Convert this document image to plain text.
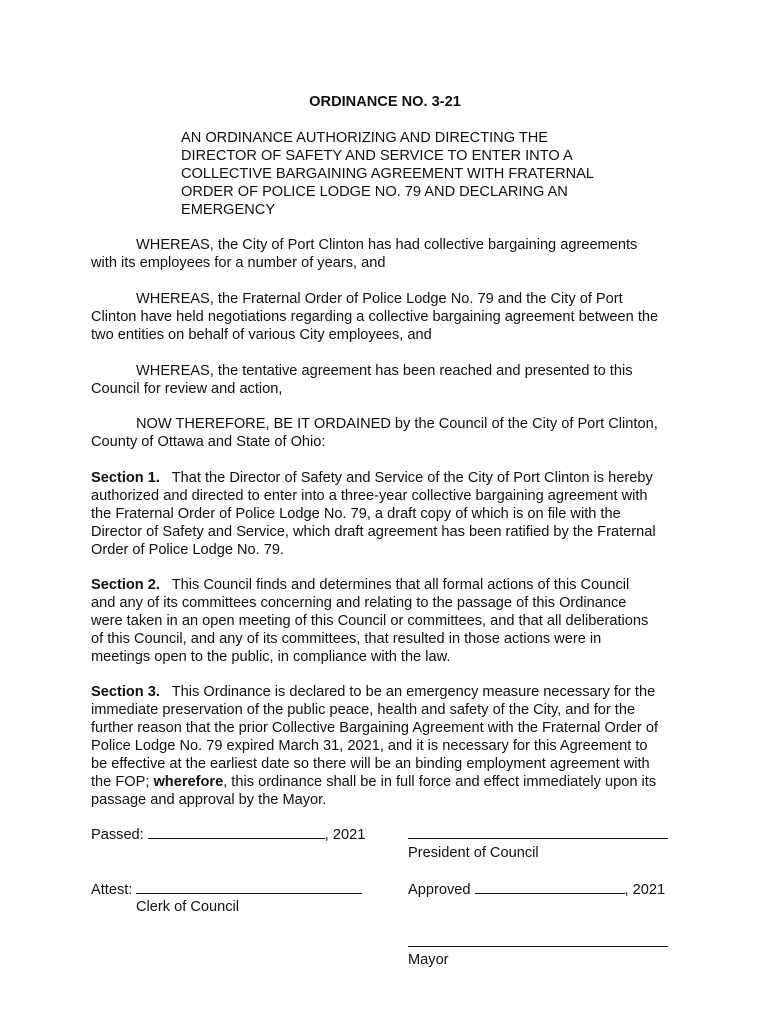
ORDINANCE NO. 3-21
AN ORDINANCE AUTHORIZING AND DIRECTING THE
DIRECTOR OF SAFETY AND SERVICE TO ENTER INTO A
COLLECTIVE BARGAINING AGREEMENT WITH FRATERNAL
ORDER OF POLICE LODGE NO. 79 AND DECLARING AN
EMERGENCY
WHEREAS, the City of Port Clinton has had collective bargaining agreements
with its employees for a number of years, and
WHEREAS, the Fraternal Order of Police Lodge No. 79 and the City of Port
Clinton have held negotiations regarding a collective bargaining agreement between the
two entities on behalf of various City employees, and
WHEREAS, the tentative agreement has been reached and presented to this
Council for review and action,
NOW THEREFORE, BE IT ORDAINED by the Council of the City of Port Clinton,
County of Ottawa and State of Ohio:
Section 1. That the Director of Safety and Service of the City of Port Clinton is hereby
authorized and directed to enter into a three-year collective bargaining agreement with
the Fraternal Order of Police Lodge No. 79, a draft copy of which is on file with the
Director of Safety and Service, which draft agreement has been ratified by the Fraternal
Order of Police Lodge No. 79.
Section 2. This Council finds and determines that all formal actions of this Council
and any of its committees concerning and relating to the passage of this Ordinance
were taken in an open meeting of this Council or committees, and that all deliberations
of this Council, and any of its committees, that resulted in those actions were in
meetings open to the public, in compliance with the law.
Section 3. This Ordinance is declared to be an emergency measure necessary for the
immediate preservation of the public peace, health and safety of the City, and for the
further reason that the prior Collective Bargaining Agreement with the Fraternal Order of
Police Lodge No. 79 expired March 31, 2021, and it is necessary for this Agreement to
be effective at the earliest date so there will be an binding employment agreement with
the FOP; wherefore, this ordinance shall be in full force and effect immediately upon its
passage and approval by the Mayor.
Passed:	, 2021
President of Council
Attest:
Clerk of Council
Approved	, 2021
Mayor
